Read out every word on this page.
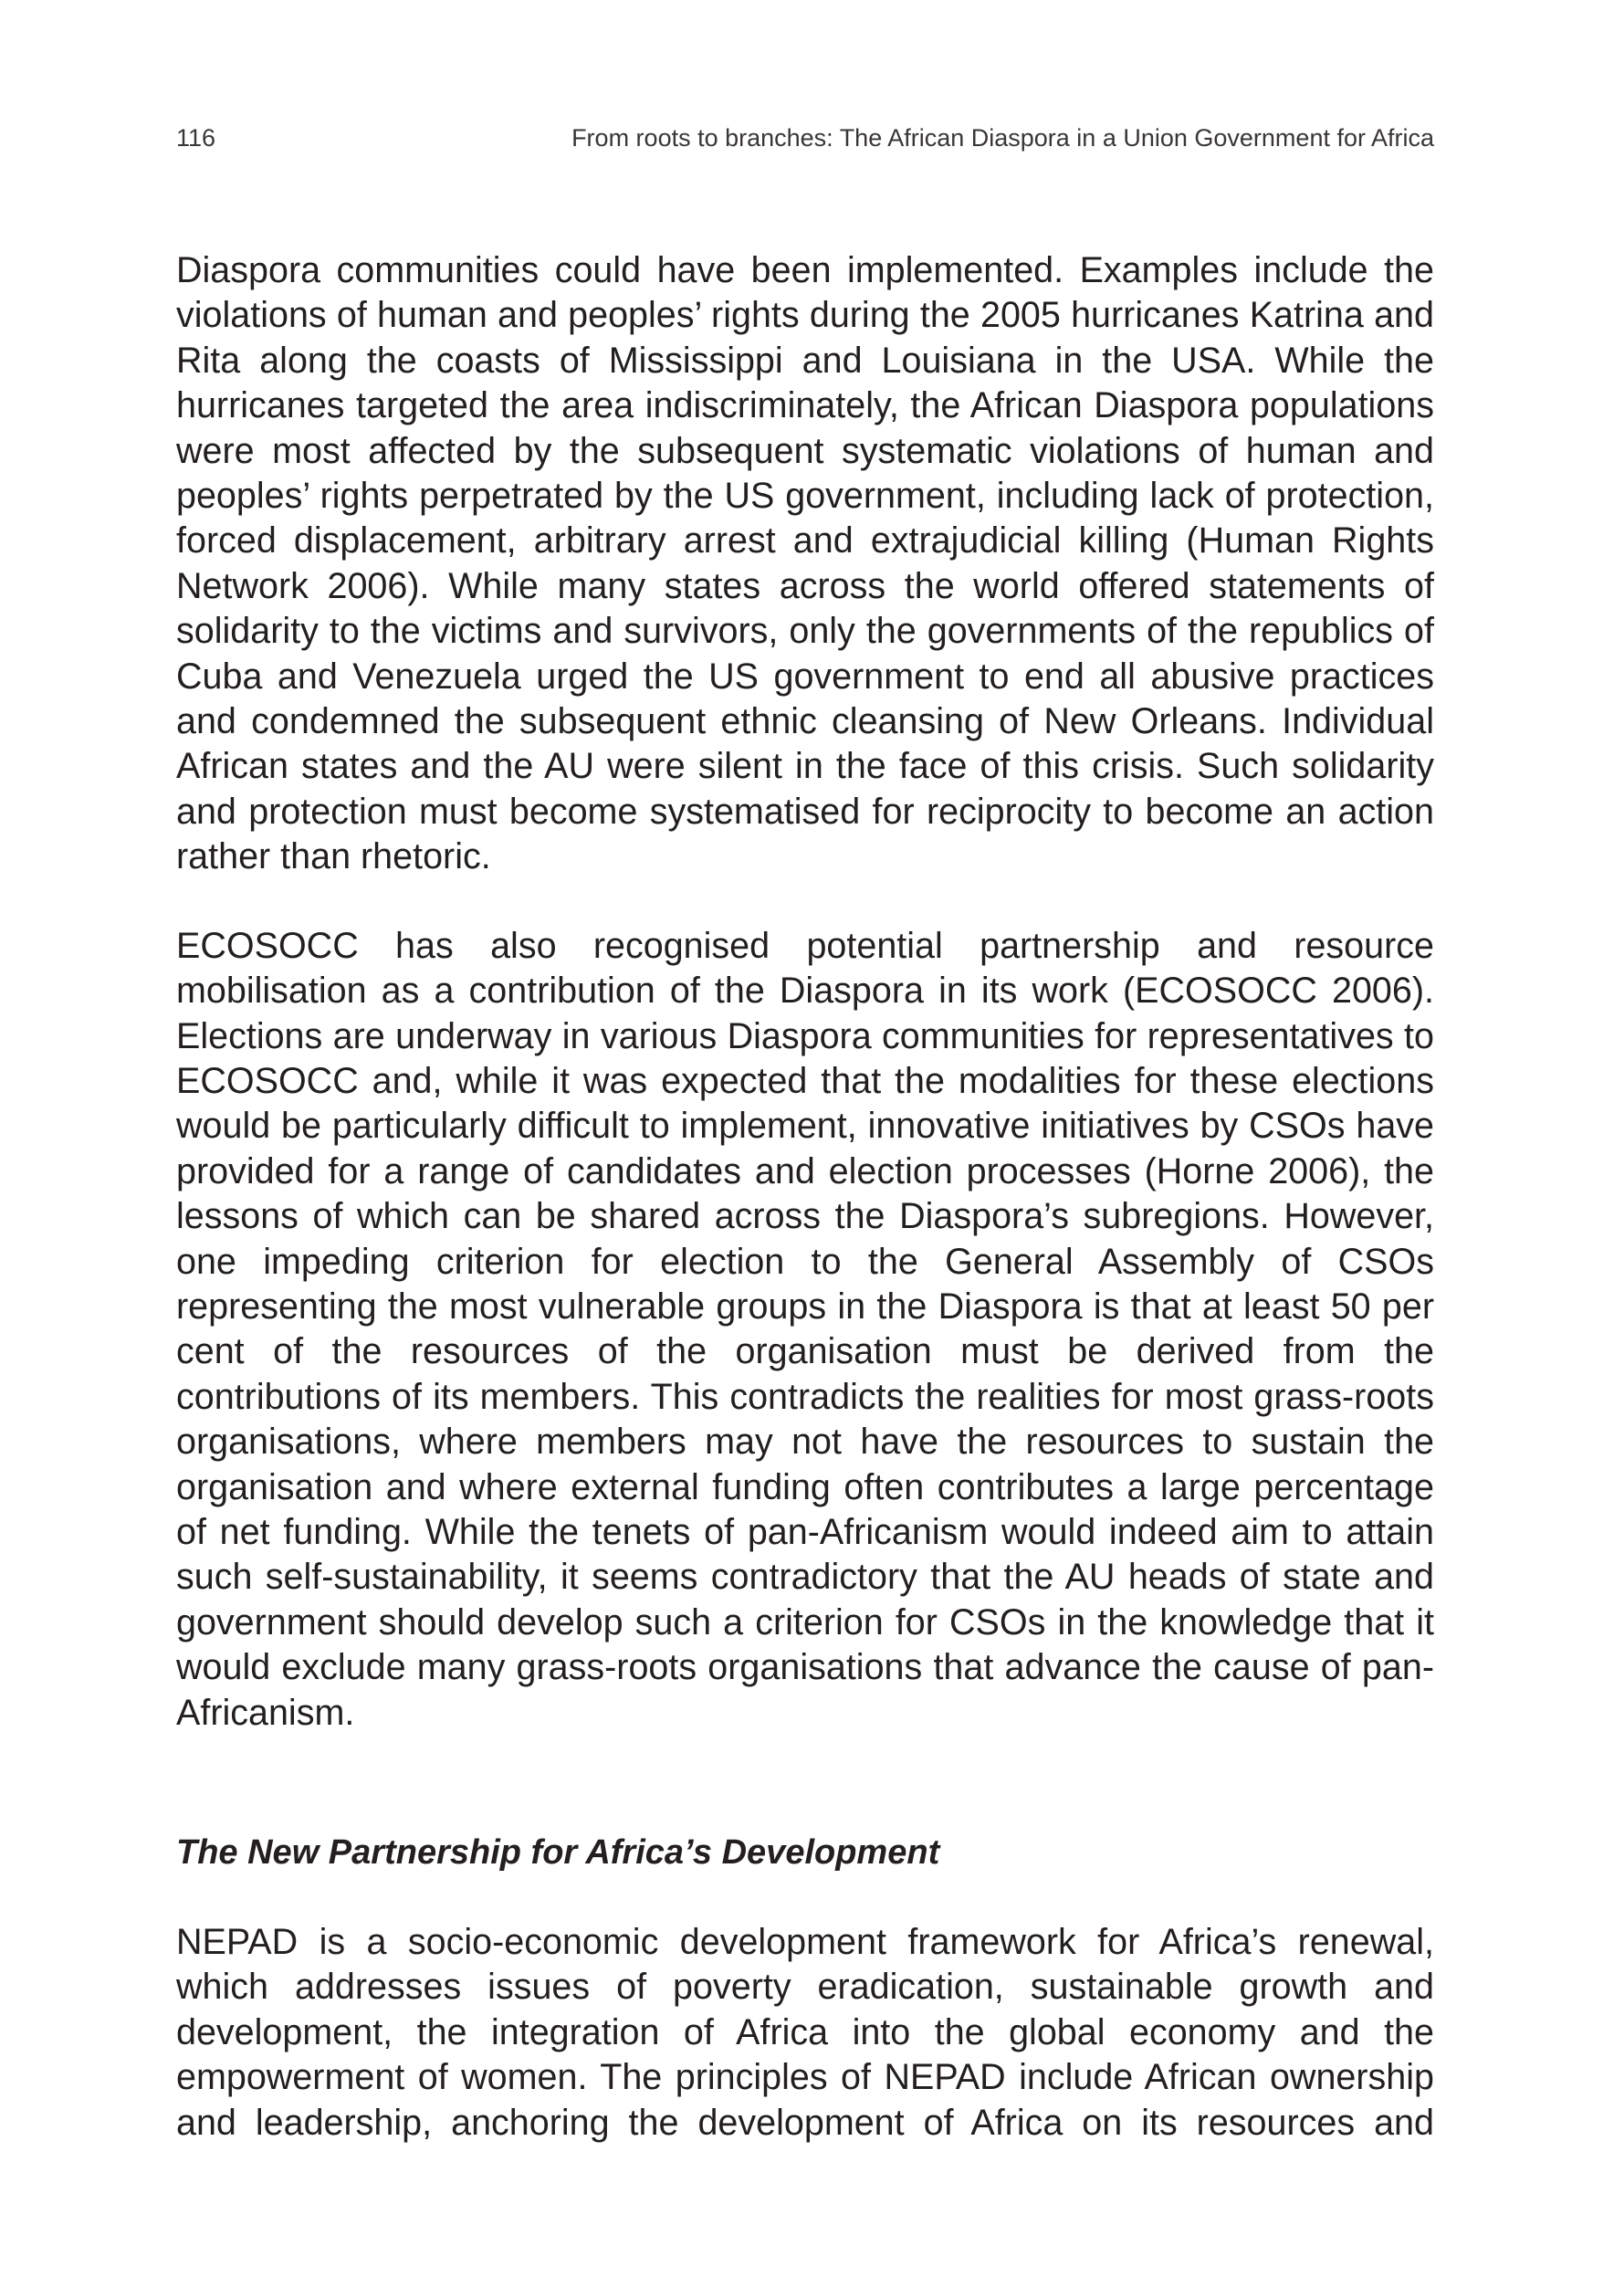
116	From roots to branches: The African Diaspora in a Union Government for Africa

Diaspora communities could have been implemented. Examples include the violations of human and peoples’ rights during the 2005 hurricanes Katrina and Rita along the coasts of Mississippi and Louisiana in the USA. While the hurricanes targeted the area indiscriminately, the African Diaspora populations were most affected by the subsequent systematic violations of human and peoples’ rights perpetrated by the US government, including lack of protection, forced displacement, arbitrary arrest and extrajudicial killing (Human Rights Network 2006). While many states across the world offered statements of solidarity to the victims and survivors, only the governments of the republics of Cuba and Venezuela urged the US government to end all abusive practices and condemned the subsequent ethnic cleansing of New Orleans. Individual African states and the AU were silent in the face of this crisis. Such solidarity and protection must become systematised for reciprocity to become an action rather than rhetoric.

ECOSOCC has also recognised potential partnership and resource mobilisation as a contribution of the Diaspora in its work (ECOSOCC 2006). Elections are underway in various Diaspora communities for representatives to ECOSOCC and, while it was expected that the modalities for these elections would be particularly difficult to implement, innovative initiatives by CSOs have provided for a range of candidates and election processes (Horne 2006), the lessons of which can be shared across the Diaspora’s subregions. However, one impeding criterion for election to the General Assembly of CSOs representing the most vulnerable groups in the Diaspora is that at least 50 per cent of the resources of the organisation must be derived from the contributions of its members. This contradicts the realities for most grass-roots organisations, where members may not have the resources to sustain the organisation and where external funding often contributes a large percentage of net funding. While the tenets of pan-Africanism would indeed aim to attain such self-sustainability, it seems contradictory that the AU heads of state and government should develop such a criterion for CSOs in the knowledge that it would exclude many grass-roots organisations that advance the cause of pan-Africanism.

The New Partnership for Africa’s Development

NEPAD is a socio-economic development framework for Africa’s renewal, which addresses issues of poverty eradication, sustainable growth and development, the integration of Africa into the global economy and the empowerment of women. The principles of NEPAD include African ownership and leadership, anchoring the development of Africa on its resources and
